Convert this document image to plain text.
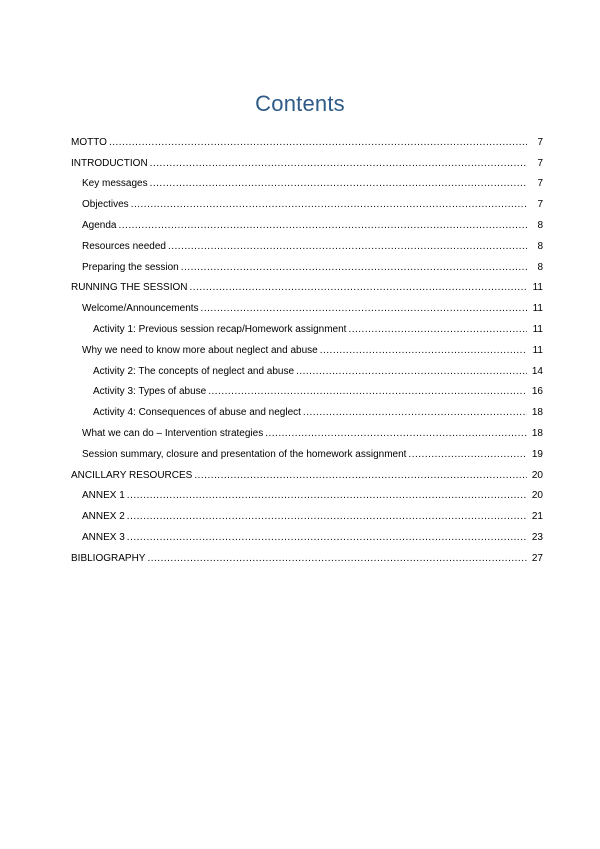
Contents
MOTTO .....	7
INTRODUCTION .....	7
Key messages .....	7
Objectives .....	7
Agenda .....	8
Resources needed .....	8
Preparing the session .....	8
RUNNING THE SESSION .....	11
Welcome/Announcements .....	11
Activity 1: Previous session recap/Homework assignment .....	11
Why we need to know more about neglect and abuse .....	11
Activity 2: The concepts of neglect and abuse .....	14
Activity 3: Types of abuse .....	16
Activity 4: Consequences of abuse and neglect .....	18
What we can do – Intervention strategies .....	18
Session summary, closure and presentation of the homework assignment .....	19
ANCILLARY RESOURCES .....	20
ANNEX 1 .....	20
ANNEX 2 .....	21
ANNEX 3 .....	23
BIBLIOGRAPHY .....	27
